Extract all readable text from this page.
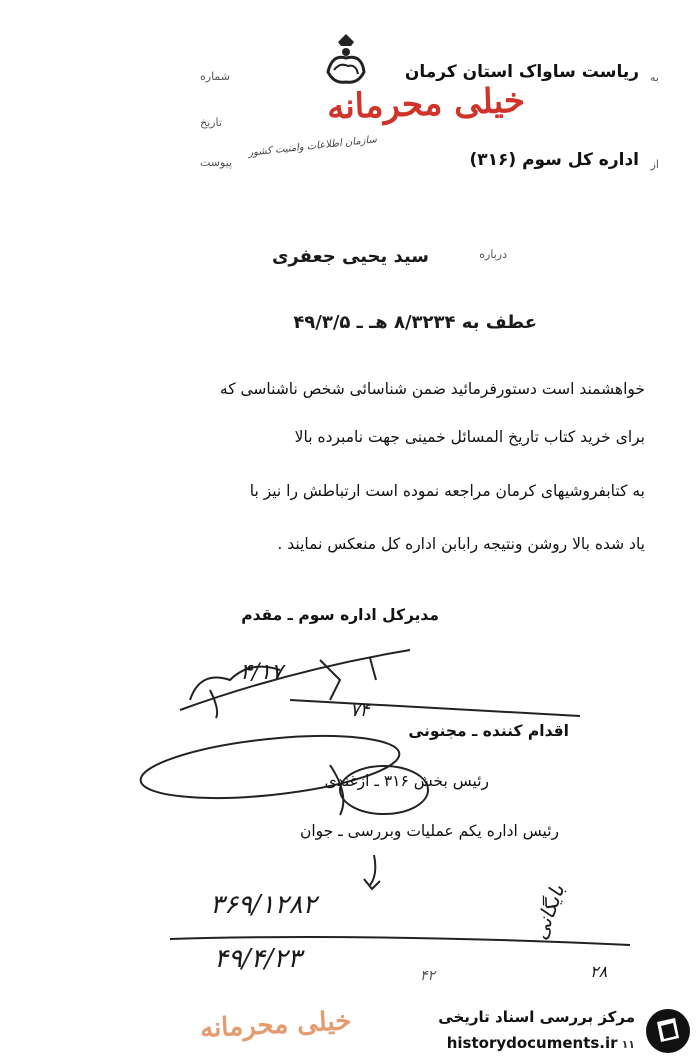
به
ریاست ساواک استان کرمان
خیلی محرمانه
سازمان اطلاعات وامنیت کشور
از
اداره کل سوم (۳۱۶)
شماره
تاریخ
پیوست
درباره
سید یحیی جعفری
عطف به ۸/۳۲۳۴ هـ ـ ۴۹/۳/۵
خواهشمند است دستورفرمائید ضمن شناسائی شخص ناشناسی که
برای خرید کتاب تاریخ المسائل خمینی جهت نامبرده بالا
به کتابفروشیهای کرمان مراجعه نموده است ارتباطش را نیز با
یاد شده بالا روشن ونتیجه رابابن اداره کل منعکس نمایند .
مدیرکل اداره سوم ـ مقدم
۴/۱۷
اقدام کننده ـ مجنونی
۷۴
رئیس بخش ۳۱۶ ـ ازغندی
رئیس اداره یکم عملیات وبررسی ـ جوان
۳۶۹/۱۲۸۲
۴۹/۴/۲۳
بایگانی
۲۸
۴۲
خیلی محرمانه	مرکز بررسی اسناد تاریخی
historydocuments.ir ۱۱
